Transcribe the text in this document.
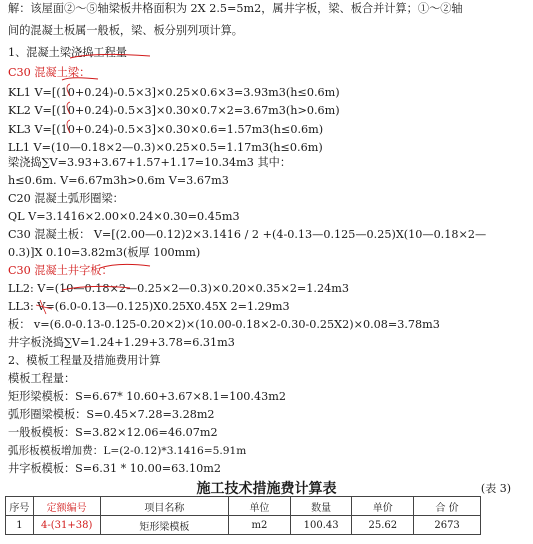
解：该屋面②～⑤轴梁板井格面积为 2X 2.5=5m2，属井字板，梁、板合并计算；①～②轴
间的混凝土板属一般板，梁、板分别列项计算。
1、混凝土梁浇捣工程量
C30 混凝土梁：
KL1 V=[(10+0.24)-0.5×3]×0.25×0.6×3=3.93m3(h≤0.6m)
KL2 V=[(10+0.24)-0.5×3]×0.30×0.7×2=3.67m3(h>0.6m)
KL3 V=[(10+0.24)-0.5×3]×0.30×0.6=1.57m3(h≤0.6m)
LL1 V=(10—0.18×2—0.3)×0.25×0.5=1.17m3(h≤0.6m)
梁浇捣∑V=3.93+3.67+1.57+1.17=10.34m3 其中：
h≤0.6m. V=6.67m3h>0.6m V=3.67m3
C20 混凝土弧形圈梁：
QL V=3.1416×2.00×0.24×0.30=0.45m3
C30 混凝土板： V=[(2.00—0.12)2×3.1416 / 2 +(4-0.13—0.125—0.25)X(10—0.18×2—
0.3)]X 0.10=3.82m3(板厚 100mm)
C30 混凝土井字板：
LL2: V=(10—0.18×2—0.25×2—0.3)×0.20×0.35×2=1.24m3
LL3: V=(6.0-0.13—0.125)X0.25X0.45X 2=1.29m3
板： v=(6.0-0.13-0.125-0.20×2)×(10.00-0.18×2-0.30-0.25X2)×0.08=3.78m3
井字板浇捣∑V=1.24+1.29+3.78=6.31m3
2、模板工程量及措施费用计算
模板工程量：
矩形梁模板：S=6.67* 10.60+3.67×8.1=100.43m2
弧形圈梁模板：S=0.45×7.28=3.28m2
一般板模板：S=3.82×12.06=46.07m2
弧形板模板增加费：L=(2-0.12)*3.1416=5.91m
施工技术措施费计算表	(表 3)
序号	定额编号	项目名称	单位	数量	单价	合 价
1	4-(31+38)	矩形梁模板	m2	100.43	25.62	2673
井字板模板：S=6.31 * 10.00=63.10m2
